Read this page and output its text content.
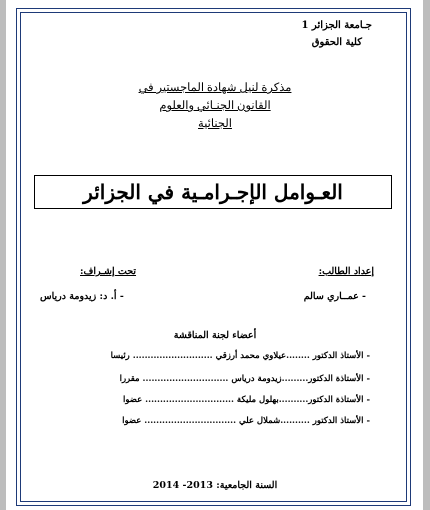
جـامعة الجزائر 1
كلية الحقوق
مذكرة لنيل شهادة الماجستير في
القانون الجنـائي والعلوم
الجنائية
العـوامل الإجـرامـية في الجزائر
إعداد الطالب:
تحت إشـراف:
- عمــاري سالم
- أ. د: زيدومة درياس
أعضاء لجنة المناقشة
- الأستاذ الدكتور ........عيلاوي محمد أرزقي ........................... رئيسا
- الأستاذة الدكتور.........زيدومة درياس ............................. مقررا
- الأستاذة الدكتور..........بهلول مليكة .............................. عضوا
- الأستاذ الدكتور ..........شملال علي ............................... عضوا
السنة الجامعية: 2013- 2014
